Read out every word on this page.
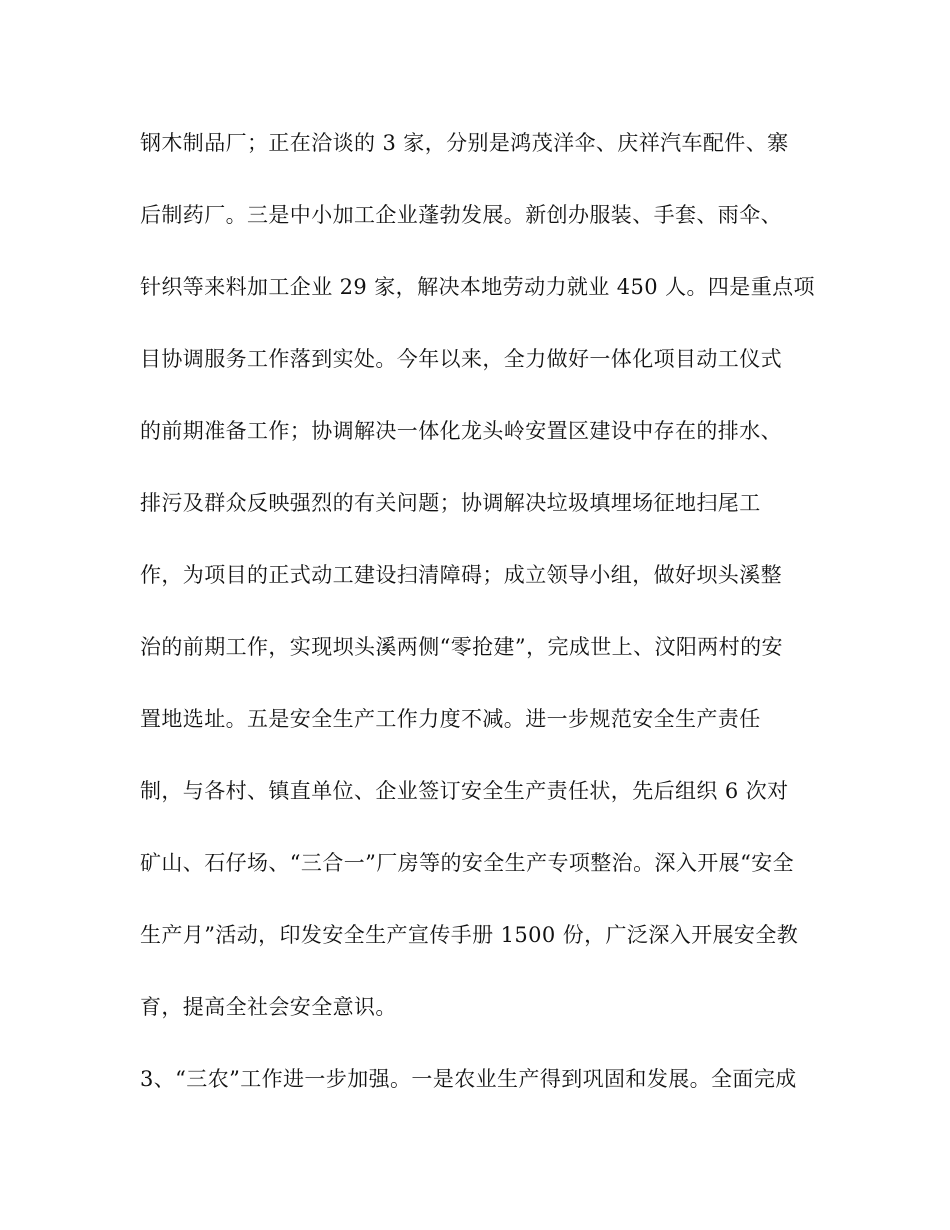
钢木制品厂；正在洽谈的 3 家，分别是鸿茂洋伞、庆祥汽车配件、寨
后制药厂。三是中小加工企业蓬勃发展。新创办服装、手套、雨伞、
针织等来料加工企业 29 家，解决本地劳动力就业 450 人。四是重点项
目协调服务工作落到实处。今年以来，全力做好一体化项目动工仪式
的前期准备工作；协调解决一体化龙头岭安置区建设中存在的排水、
排污及群众反映强烈的有关问题；协调解决垃圾填埋场征地扫尾工
作，为项目的正式动工建设扫清障碍；成立领导小组，做好坝头溪整
治的前期工作，实现坝头溪两侧“零抢建”，完成世上、汶阳两村的安
置地选址。五是安全生产工作力度不减。进一步规范安全生产责任
制，与各村、镇直单位、企业签订安全生产责任状，先后组织 6 次对
矿山、石仔场、“三合一”厂房等的安全生产专项整治。深入开展“安全
生产月”活动，印发安全生产宣传手册 1500 份，广泛深入开展安全教
育，提高全社会安全意识。
3、“三农”工作进一步加强。一是农业生产得到巩固和发展。全面完成
